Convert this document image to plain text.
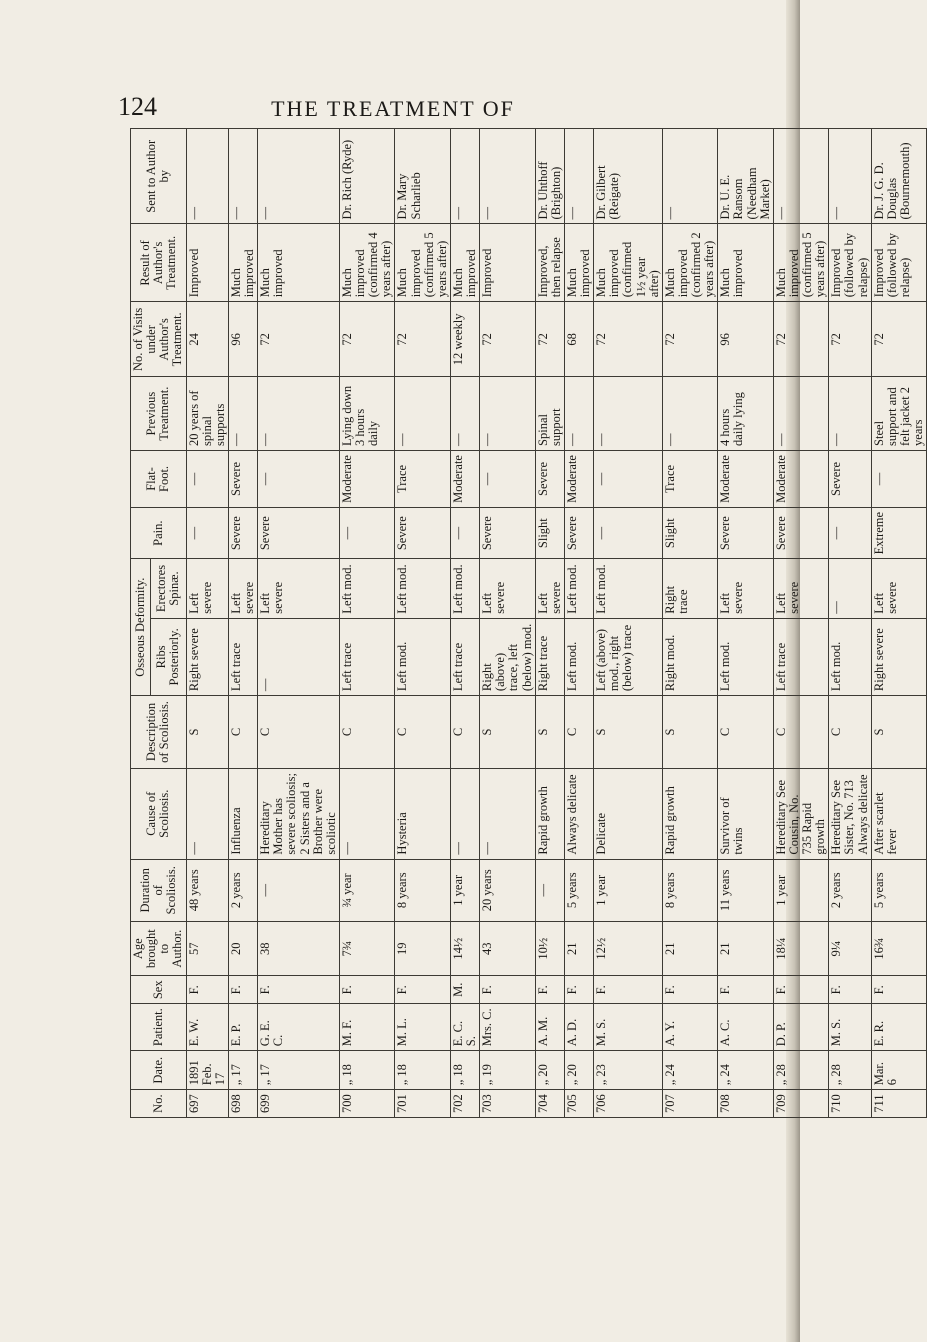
124	THE TREATMENT OF
No.	Date.	Patient.	Sex	Age brought to Author.	Duration of Scoliosis.	Cause of Scoliosis.	Description of Scoliosis.	Osseous Deformity.		Pain.	Flat-Foot.	Previous Treatment.	No. of Visits under Author's Treatment.	Result of Author's Treatment.	Sent to Author by
								Ribs Posteriorly.	Erectores Spinæ.						
697	1891 Feb. 17	E. W.	F.	57	48 years	—	S	Right severe	Left severe	—	—	20 years of spinal supports	24	Improved	—
698	„ 17	E. P.	F.	20	2 years	Influenza	C	Left trace	Left severe	Severe	Severe	—	96	Much improved	—
699	„ 17	G. E. C.	F.	38	—	Hereditary Mother has severe scoliosis; 2 Sisters and a Brother were scoliotic	C	—	Left severe	Severe	—	—	72	Much improved	—
700	„ 18	M. F.	F.	7¾	¾ year	—	C	Left trace	Left mod.	—	Moderate	Lying down 3 hours daily	72	Much improved (confirmed 4 years after)	Dr. Rich (Ryde)
701	„ 18	M. L.	F.	19	8 years	Hysteria	C	Left mod.	Left mod.	Severe	Trace	—	72	Much improved (confirmed 5 years after)	Dr. Mary Scharlieb
702	„ 18	E. C. S.	M.	14½	1 year	—	C	Left trace	Left mod.	—	Moderate	—	12 weekly	Much improved	—
703	„ 19	Mrs. C.	F.	43	20 years	—	S	Right (above) trace, left (below) mod.	Left severe	Severe	—	—	72	Improved	—
704	„ 20	A. M.	F.	10½	—	Rapid growth	S	Right trace	Left severe	Slight	Severe	Spinal support	72	Improved, then relapse	Dr. Uhthoff (Brighton)
705	„ 20	A. D.	F.	21	5 years	Always delicate	C	Left mod.	Left mod.	Severe	Moderate	—	68	Much improved	—
706	„ 23	M. S.	F.	12½	1 year	Delicate	S	Left (above) mod., right (below) trace	Left mod.	—	—	—	72	Much improved (confirmed 1½ year after)	Dr. Gilbert (Reigate)
707	„ 24	A. Y.	F.	21	8 years	Rapid growth	S	Right mod.	Right trace	Slight	Trace	—	72	Much improved (confirmed 2 years after)	—
708	„ 24	A. C.	F.	21	11 years	Survivor of twins	C	Left mod.	Left severe	Severe	Moderate	4 hours daily lying	96	Much improved	Dr. U. E. Ransom (Needham Market)
709	„ 28	D. P.	F.	18¼	1 year	Hereditary See Cousin, No. 735 Rapid growth	C	Left trace	Left severe	Severe	Moderate	—	72	Much improved (confirmed 5 years after)	—
710	„ 28	M. S.	F.	9¼	2 years	Hereditary See Sister, No. 713 Always delicate	C	Left mod.	—	—	Severe	—	72	Improved (followed by relapse)	—
711	Mar. 6	E. R.	F.	16¾	5 years	After scarlet fever	S	Right severe	Left severe	Extreme	—	Steel support and felt jacket 2 years	72	Improved (followed by relapse)	Dr. J. G. D. Douglas (Bournemouth)
